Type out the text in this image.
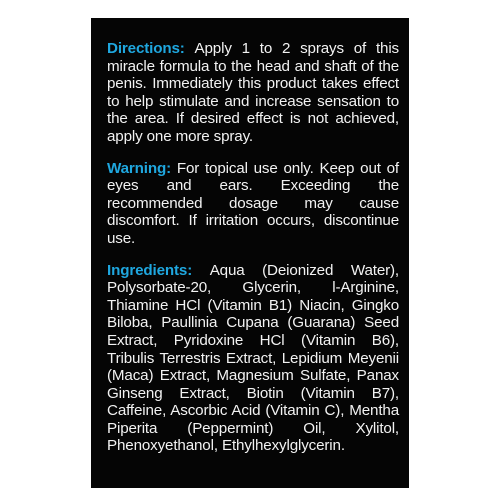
Directions: Apply 1 to 2 sprays of this miracle formula to the head and shaft of the penis. Immediately this product takes effect to help stimulate and increase sensation to the area. If desired effect is not achieved, apply one more spray.

Warning: For topical use only. Keep out of eyes and ears. Exceeding the recommended dosage may cause discomfort. If irritation occurs, discontinue use.

Ingredients: Aqua (Deionized Water), Polysorbate-20, Glycerin, l-Arginine, Thiamine HCl (Vitamin B1) Niacin, Gingko Biloba, Paullinia Cupana (Guarana) Seed Extract, Pyridoxine HCl (Vitamin B6), Tribulis Terrestris Extract, Lepidium Meyenii (Maca) Extract, Magnesium Sulfate, Panax Ginseng Extract, Biotin (Vitamin B7), Caffeine, Ascorbic Acid (Vitamin C), Mentha Piperita (Peppermint) Oil, Xylitol, Phenoxyethanol, Ethylhexylglycerin.
